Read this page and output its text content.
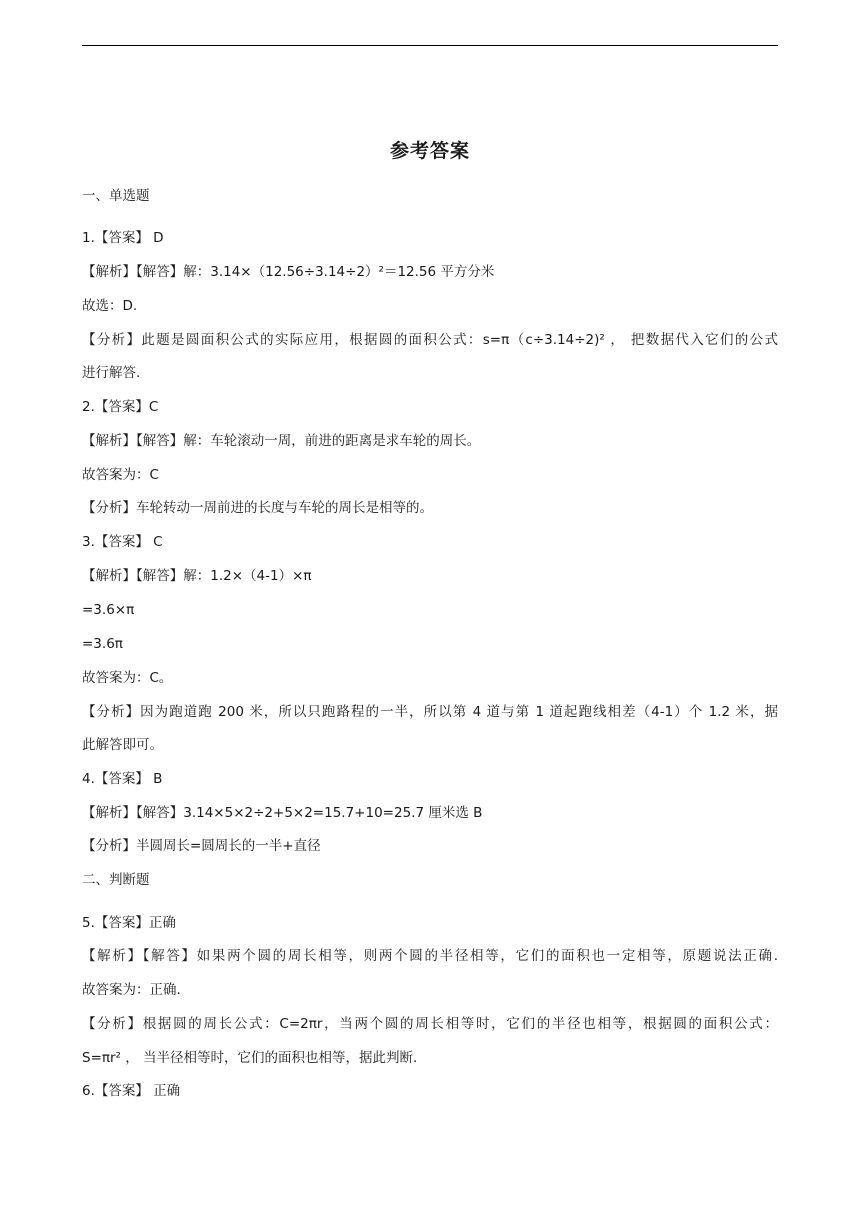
参考答案
一、单选题
1.【答案】 D
【解析】【解答】解：3.14×（12.56÷3.14÷2）²＝12.56 平方分米
故选：D.
【分析】此题是圆面积公式的实际应用，根据圆的面积公式：s=π（c÷3.14÷2)² ， 把数据代入它们的公式
进行解答.
2.【答案】C
【解析】【解答】解：车轮滚动一周，前进的距离是求车轮的周长。
故答案为：C
【分析】车轮转动一周前进的长度与车轮的周长是相等的。
3.【答案】 C
【解析】【解答】解：1.2×（4-1）×π
=3.6×π
=3.6π
故答案为：C。
【分析】因为跑道跑 200 米，所以只跑路程的一半，所以第 4 道与第 1 道起跑线相差（4-1）个 1.2 米，据
此解答即可。
4.【答案】 B
【解析】【解答】3.14×5×2÷2+5×2=15.7+10=25.7 厘米选 B
【分析】半圆周长=圆周长的一半+直径
二、判断题
5.【答案】正确
【解析】【解答】如果两个圆的周长相等，则两个圆的半径相等，它们的面积也一定相等，原题说法正确.
故答案为：正确.
【分析】根据圆的周长公式：C=2πr，当两个圆的周长相等时，它们的半径也相等，根据圆的面积公式：
S=πr² ， 当半径相等时，它们的面积也相等，据此判断.
6.【答案】 正确
